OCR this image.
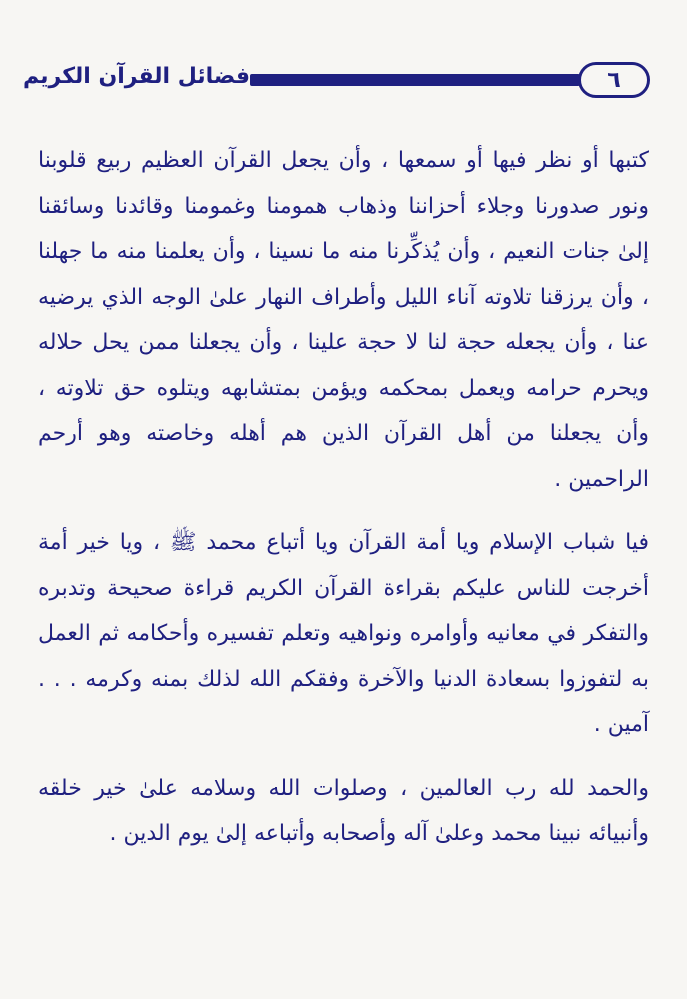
٦
فضائل القرآن الكريم

كتبها أو نظر فيها أو سمعها ، وأن يجعل القرآن العظيم ربيع قلوبنا ونور صدورنا وجلاء أحزاننا وذهاب همومنا وغمومنا وقائدنا وسائقنا إلىٰ جنات النعيم ، وأن يُذكِّرنا منه ما نسينا ، وأن يعلمنا منه ما جهلنا ، وأن يرزقنا تلاوته آناء الليل وأطراف النهار علىٰ الوجه الذي يرضيه عنا ، وأن يجعله حجة لنا لا حجة علينا ، وأن يجعلنا ممن يحل حلاله ويحرم حرامه ويعمل بمحكمه ويؤمن بمتشابهه ويتلوه حق تلاوته ، وأن يجعلنا من أهل القرآن الذين هم أهله وخاصته وهو أرحم الراحمين .

فيا شباب الإسلام ويا أمة القرآن ويا أتباع محمد ﷺ ، ويا خير أمة أخرجت للناس عليكم بقراءة القرآن الكريم قراءة صحيحة وتدبره والتفكر في معانيه وأوامره ونواهيه وتعلم تفسيره وأحكامه ثم العمل به لتفوزوا بسعادة الدنيا والآخرة وفقكم الله لذلك بمنه وكرمه . . . آمين .

والحمد لله رب العالمين ، وصلوات الله وسلامه علىٰ خير خلقه وأنبيائه نبينا محمد وعلىٰ آله وأصحابه وأتباعه إلىٰ يوم الدين .
